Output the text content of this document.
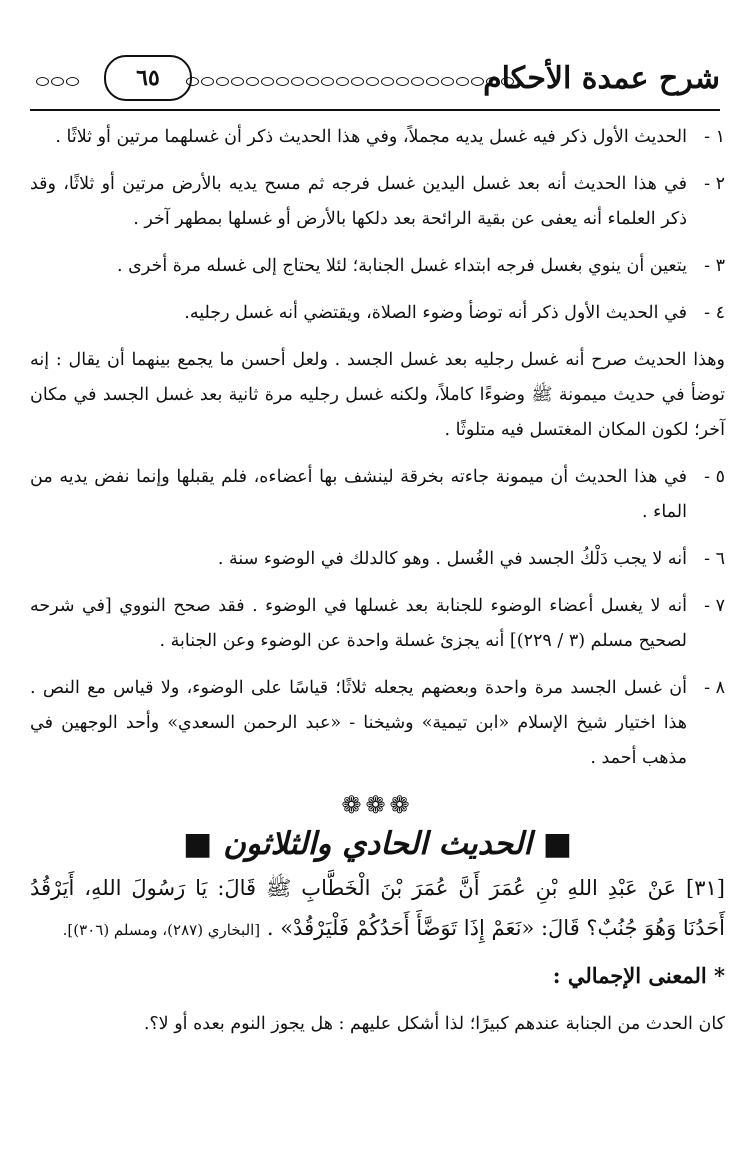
شرح عمدة الأحكام
٦٥
١ -
الحديث الأول ذكر فيه غسل يديه مجملاً، وفي هذا الحديث ذكر أن غسلهما مرتين أو ثلاثًا .
٢ -
في هذا الحديث أنه بعد غسل اليدين غسل فرجه ثم مسح يديه بالأرض مرتين أو ثلاثًا، وقد ذكر العلماء أنه يعفى عن بقية الرائحة بعد دلكها بالأرض أو غسلها بمطهر آخر .
٣ -
يتعين أن ينوي بغسل فرجه ابتداء غسل الجنابة؛ لئلا يحتاج إلى غسله مرة أخرى .
٤ -
في الحديث الأول ذكر أنه توضأ وضوء الصلاة، ويقتضي أنه غسل رجليه.
وهذا الحديث صرح أنه غسل رجليه بعد غسل الجسد . ولعل أحسن ما يجمع بينهما أن يقال : إنه توضأ في حديث ميمونة ﷺ وضوءًا كاملاً، ولكنه غسل رجليه مرة ثانية بعد غسل الجسد في مكان آخر؛ لكون المكان المغتسل فيه متلوثًا .
٥ -
في هذا الحديث أن ميمونة جاءته بخرقة لينشف بها أعضاءه، فلم يقبلها وإنما نفض يديه من الماء .
٦ -
أنه لا يجب دَلْكُ الجسد في الغُسل . وهو كالدلك في الوضوء سنة .
٧ -
أنه لا يغسل أعضاء الوضوء للجنابة بعد غسلها في الوضوء . فقد صحح النووي [في شرحه لصحيح مسلم (٣ / ٢٢٩)] أنه يجزئ غسلة واحدة عن الوضوء وعن الجنابة .
٨ -
أن غسل الجسد مرة واحدة وبعضهم يجعله ثلاثًا؛ قياسًا على الوضوء، ولا قياس مع النص . هذا اختيار شيخ الإسلام «ابن تيمية» وشيخنا - «عبد الرحمن السعدي» وأحد الوجهين في مذهب أحمد .
❁❁❁
■ الحديث الحادي والثلاثون ■
[٣١] عَنْ عَبْدِ اللهِ بْنِ عُمَرَ أَنَّ عُمَرَ بْنَ الْخَطَّابِ ﷺ قَالَ: يَا رَسُولَ اللهِ، أَيَرْقُدُ أَحَدُنَا وَهُوَ جُنُبٌ؟ قَالَ: «نَعَمْ إِذَا تَوَضَّأَ أَحَدُكُمْ فَلْيَرْقُدْ» . [البخاري (٢٨٧)، ومسلم (٣٠٦)].
* المعنى الإجمالي :
كان الحدث من الجنابة عندهم كبيرًا؛ لذا أشكل عليهم : هل يجوز النوم بعده أو لا؟.
